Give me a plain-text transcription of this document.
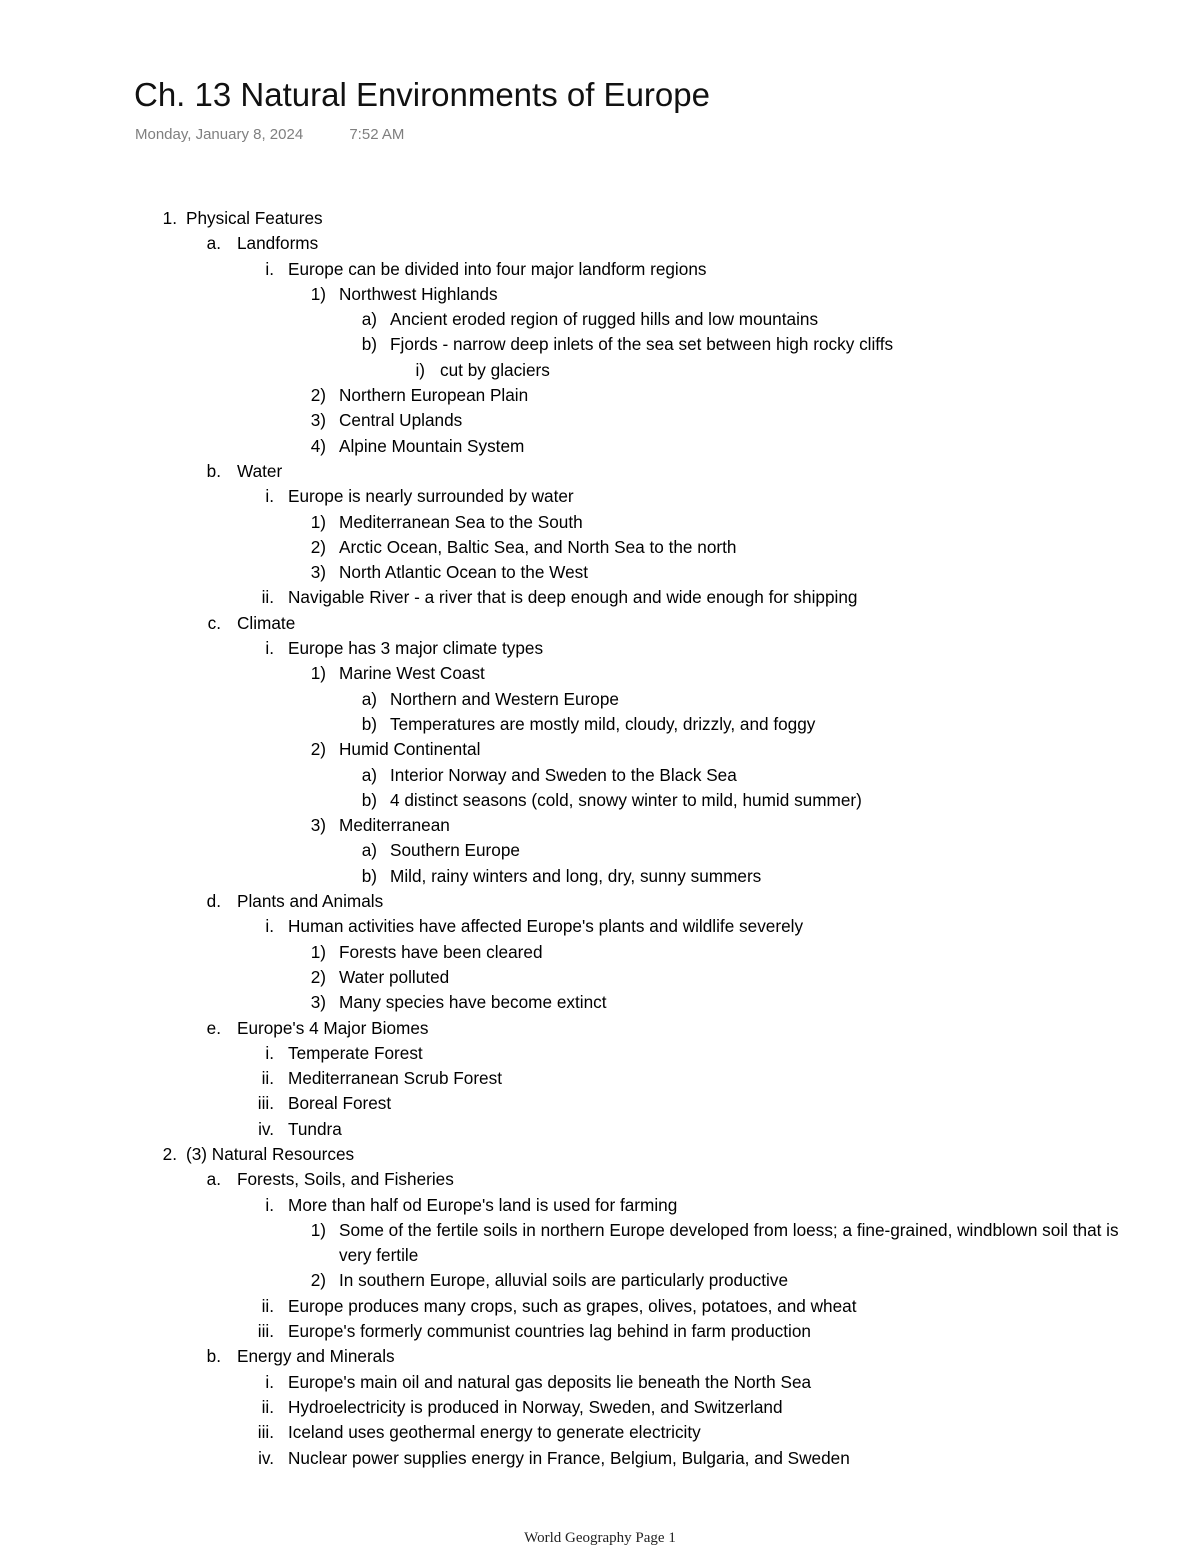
Ch. 13 Natural Environments of Europe
Monday, January 8, 2024	7:52 AM
1. Physical Features
a. Landforms
i. Europe can be divided into four major landform regions
1) Northwest Highlands
a) Ancient eroded region of rugged hills and low mountains
b) Fjords - narrow deep inlets of the sea set between high rocky cliffs
i) cut by glaciers
2) Northern European Plain
3) Central Uplands
4) Alpine Mountain System
b. Water
i. Europe is nearly surrounded by water
1) Mediterranean Sea to the South
2) Arctic Ocean, Baltic Sea, and North Sea to the north
3) North Atlantic Ocean to the West
ii. Navigable River - a river that is deep enough and wide enough for shipping
c. Climate
i. Europe has 3 major climate types
1) Marine West Coast
a) Northern and Western Europe
b) Temperatures are mostly mild, cloudy, drizzly, and foggy
2) Humid Continental
a) Interior Norway and Sweden to the Black Sea
b) 4 distinct seasons (cold, snowy winter to mild, humid summer)
3) Mediterranean
a) Southern Europe
b) Mild, rainy winters and long, dry, sunny summers
d. Plants and Animals
i. Human activities have affected Europe's plants and wildlife severely
1) Forests have been cleared
2) Water polluted
3) Many species have become extinct
e. Europe's 4 Major Biomes
i. Temperate Forest
ii. Mediterranean Scrub Forest
iii. Boreal Forest
iv. Tundra
2. (3) Natural Resources
a. Forests, Soils, and Fisheries
i. More than half od Europe's land is used for farming
1) Some of the fertile soils in northern Europe developed from loess; a fine-grained, windblown soil that is very fertile
2) In southern Europe, alluvial soils are particularly productive
ii. Europe produces many crops, such as grapes, olives, potatoes, and wheat
iii. Europe's formerly communist countries lag behind in farm production
b. Energy and Minerals
i. Europe's main oil and natural gas deposits lie beneath the North Sea
ii. Hydroelectricity is produced in Norway, Sweden, and Switzerland
iii. Iceland uses geothermal energy to generate electricity
iv. Nuclear power supplies energy in France, Belgium, Bulgaria, and Sweden
World Geography Page 1
